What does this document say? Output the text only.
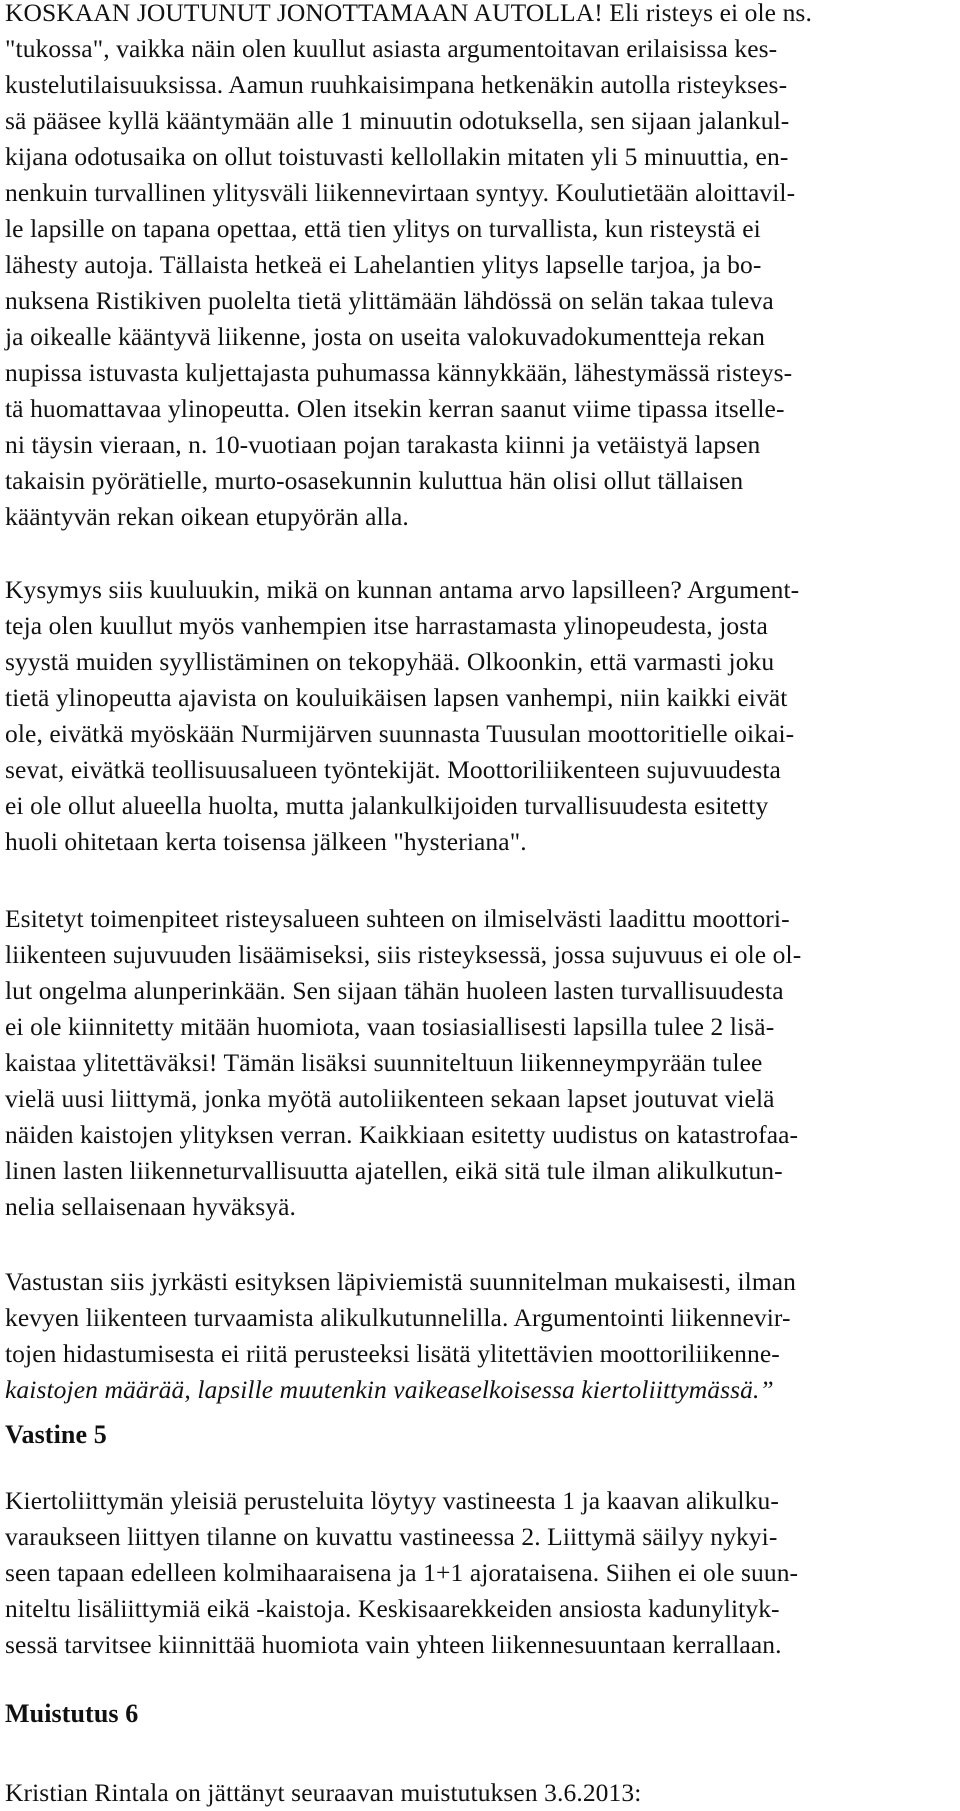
KOSKAAN JOUTUNUT JONOTTAMAAN AUTOLLA! Eli risteys ei ole ns.
"tukossa", vaikka näin olen kuullut asiasta argumentoitavan erilaisissa kes-
kustelutilaisuuksissa. Aamun ruuhkaisimpana hetkenäkin autolla risteykses-
sä pääsee kyllä kääntymään alle 1 minuutin odotuksella, sen sijaan jalankul-
kijana odotusaika on ollut toistuvasti kellollakin mitaten yli 5 minuuttia, en-
nenkuin turvallinen ylitysväli liikennevirtaan syntyy. Koulutietään aloittavil-
le lapsille on tapana opettaa, että tien ylitys on turvallista, kun risteystä ei
lähesty autoja. Tällaista hetkeä ei Lahelantien ylitys lapselle tarjoa, ja bo-
nuksena Ristikiven puolelta tietä ylittämään lähdössä on selän takaa tuleva
ja oikealle kääntyvä liikenne, josta on useita valokuvadokumentteja rekan
nupissa istuvasta kuljettajasta puhumassa kännykkään, lähestymässä risteys-
tä huomattavaa ylinopeutta. Olen itsekin kerran saanut viime tipassa itselle-
ni täysin vieraan, n. 10-vuotiaan pojan tarakasta kiinni ja vetäistyä lapsen
takaisin pyörätielle, murto-osasekunnin kuluttua hän olisi ollut tällaisen
kääntyvän rekan oikean etupyörän alla.
Kysymys siis kuuluukin, mikä on kunnan antama arvo lapsilleen? Argument-
teja olen kuullut myös vanhempien itse harrastamasta ylinopeudesta, josta
syystä muiden syyllistäminen on tekopyhää. Olkoonkin, että varmasti joku
tietä ylinopeutta ajavista on kouluikäisen lapsen vanhempi, niin kaikki eivät
ole, eivätkä myöskään Nurmijärven suunnasta Tuusulan moottoritielle oikai-
sevat, eivätkä teollisuusalueen työntekijät. Moottoriliikenteen sujuvuudesta
ei ole ollut alueella huolta, mutta jalankulkijoiden turvallisuudesta esitetty
huoli ohitetaan kerta toisensa jälkeen "hysteriana".
Esitetyt toimenpiteet risteysalueen suhteen on ilmiselvästi laadittu moottori-
liikenteen sujuvuuden lisäämiseksi, siis risteyksessä, jossa sujuvuus ei ole ol-
lut ongelma alunperinkään. Sen sijaan tähän huoleen lasten turvallisuudesta
ei ole kiinnitetty mitään huomiota, vaan tosiasiallisesti lapsilla tulee 2 lisä-
kaistaa ylitettäväksi! Tämän lisäksi suunniteltuun liikenneympyrään tulee
vielä uusi liittymä, jonka myötä autoliikenteen sekaan lapset joutuvat vielä
näiden kaistojen ylityksen verran. Kaikkiaan esitetty uudistus on katastrofaa-
linen lasten liikenneturvallisuutta ajatellen, eikä sitä tule ilman alikulkutun-
nelia sellaisenaan hyväksyä.
Vastustan siis jyrkästi esityksen läpiviemistä suunnitelman mukaisesti, ilman
kevyen liikenteen turvaamista alikulkutunnelilla. Argumentointi liikennevir-
tojen hidastumisesta ei riitä perusteeksi lisätä ylitettävien moottoriliikenne-
kaistojen määrää, lapsille muutenkin vaikeaselkoisessa kiertoliittymässä.”
Vastine 5
Kiertoliittymän yleisiä perusteluita löytyy vastineesta 1 ja kaavan alikulku-
varaukseen liittyen tilanne on kuvattu vastineessa 2. Liittymä säilyy nykyi-
seen tapaan edelleen kolmihaaraisena ja 1+1 ajorataisena. Siihen ei ole suun-
niteltu lisäliittymiä eikä -kaistoja. Keskisaarekkeiden ansiosta kadunylityk-
sessä tarvitsee kiinnittää huomiota vain yhteen liikennesuuntaan kerrallaan.
Muistutus 6
Kristian Rintala on jättänyt seuraavan muistutuksen 3.6.2013:
